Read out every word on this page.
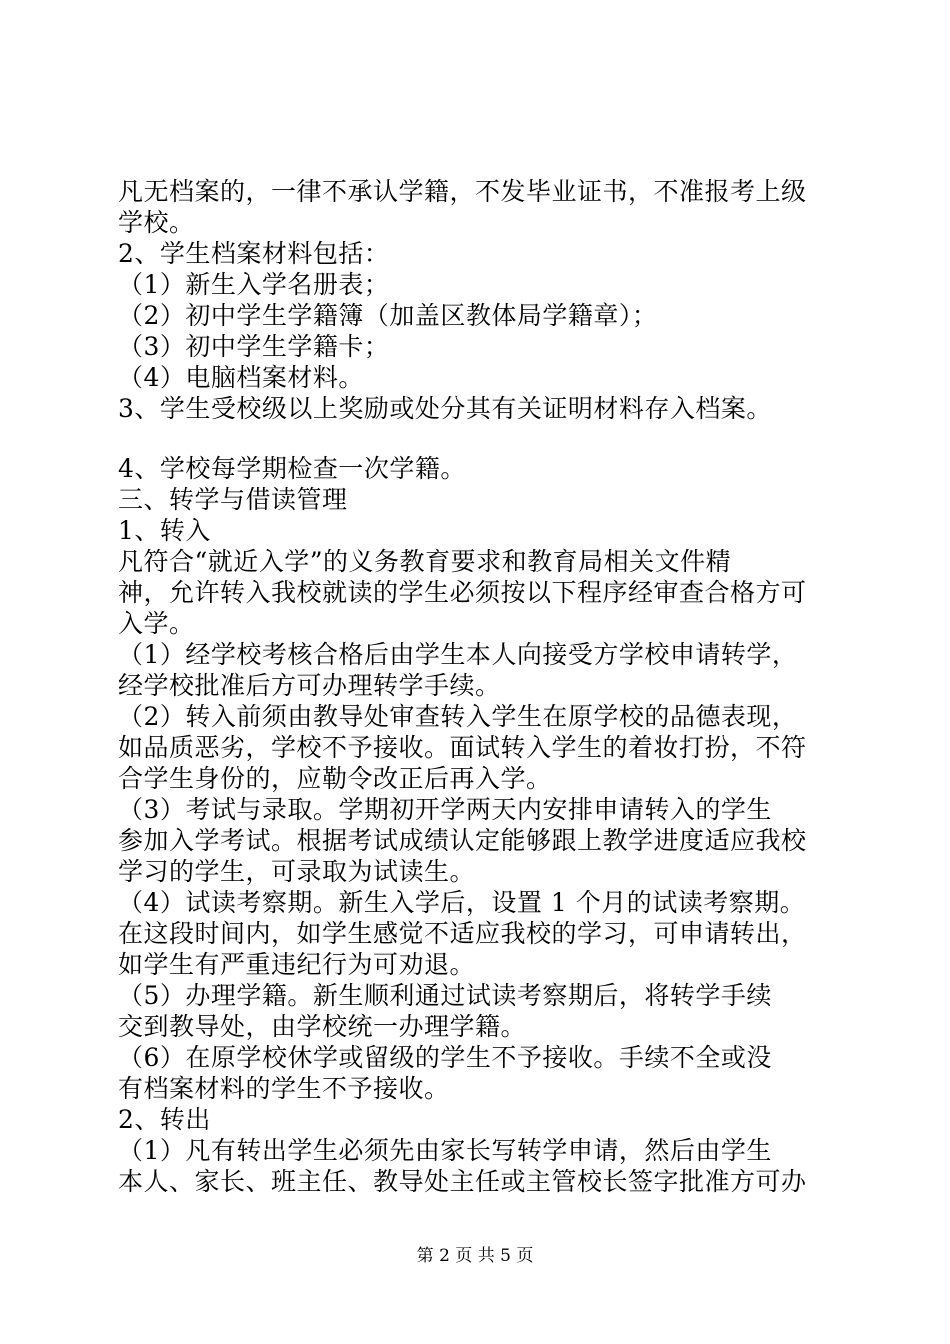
凡无档案的，一律不承认学籍，不发毕业证书，不准报考上级
学校。
2、学生档案材料包括：
（1）新生入学名册表；
（2）初中学生学籍簿（加盖区教体局学籍章）；
（3）初中学生学籍卡；
（4）电脑档案材料。
3、学生受校级以上奖励或处分其有关证明材料存入档案。
4、学校每学期检查一次学籍。
三、转学与借读管理
1、转入
凡符合“就近入学”的义务教育要求和教育局相关文件精
神，允许转入我校就读的学生必须按以下程序经审查合格方可
入学。
（1）经学校考核合格后由学生本人向接受方学校申请转学，
经学校批准后方可办理转学手续。
（2）转入前须由教导处审查转入学生在原学校的品德表现，
如品质恶劣，学校不予接收。面试转入学生的着妆打扮，不符
合学生身份的，应勒令改正后再入学。
（3）考试与录取。学期初开学两天内安排申请转入的学生
参加入学考试。根据考试成绩认定能够跟上教学进度适应我校
学习的学生，可录取为试读生。
（4）试读考察期。新生入学后，设置 1 个月的试读考察期。
在这段时间内，如学生感觉不适应我校的学习，可申请转出，
如学生有严重违纪行为可劝退。
（5）办理学籍。新生顺利通过试读考察期后，将转学手续
交到教导处，由学校统一办理学籍。
（6）在原学校休学或留级的学生不予接收。手续不全或没
有档案材料的学生不予接收。
2、转出
（1）凡有转出学生必须先由家长写转学申请，然后由学生
本人、家长、班主任、教导处主任或主管校长签字批准方可办
第 2 页 共 5 页
